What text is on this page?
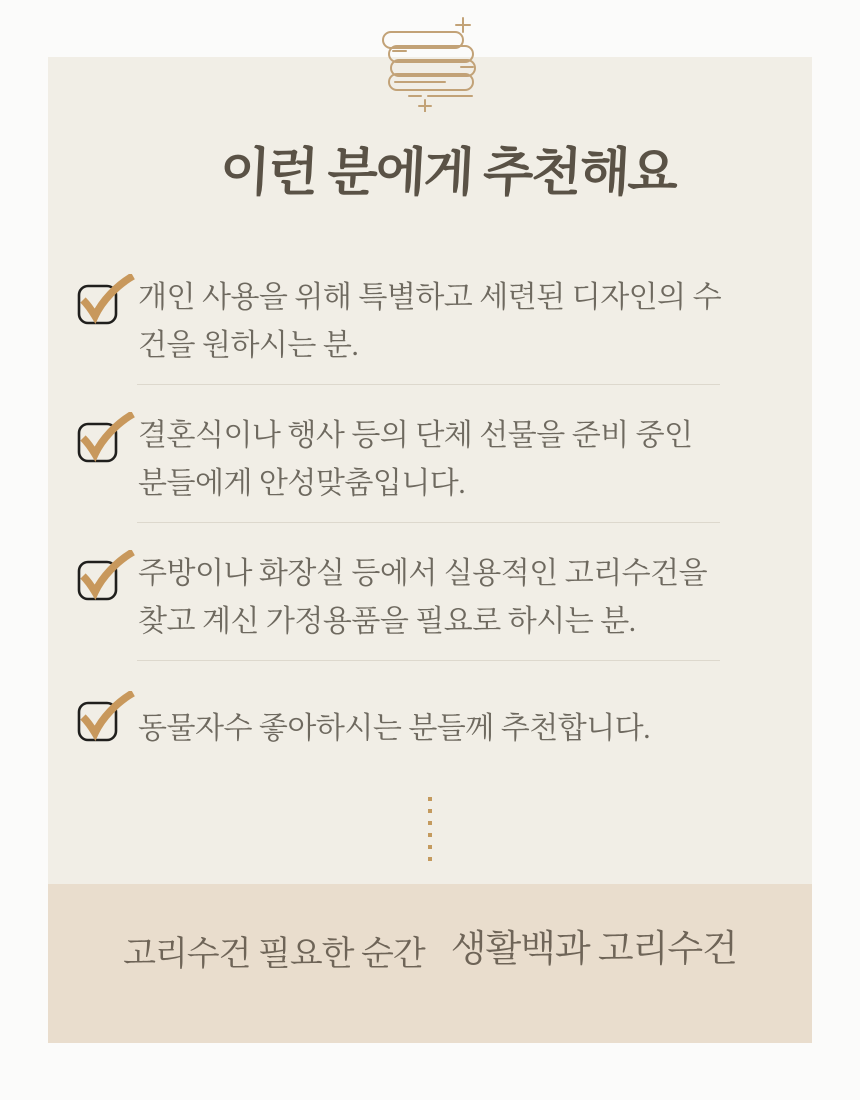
이런 분에게 추천해요

개인 사용을 위해 특별하고 세련된 디자인의 수건을 원하시는 분.

결혼식이나 행사 등의 단체 선물을 준비 중인 분들에게 안성맞춤입니다.

주방이나 화장실 등에서 실용적인 고리수건을 찾고 계신 가정용품을 필요로 하시는 분.

동물자수 좋아하시는 분들께 추천합니다.

고리수건 필요한 순간 생활백과 고리수건
